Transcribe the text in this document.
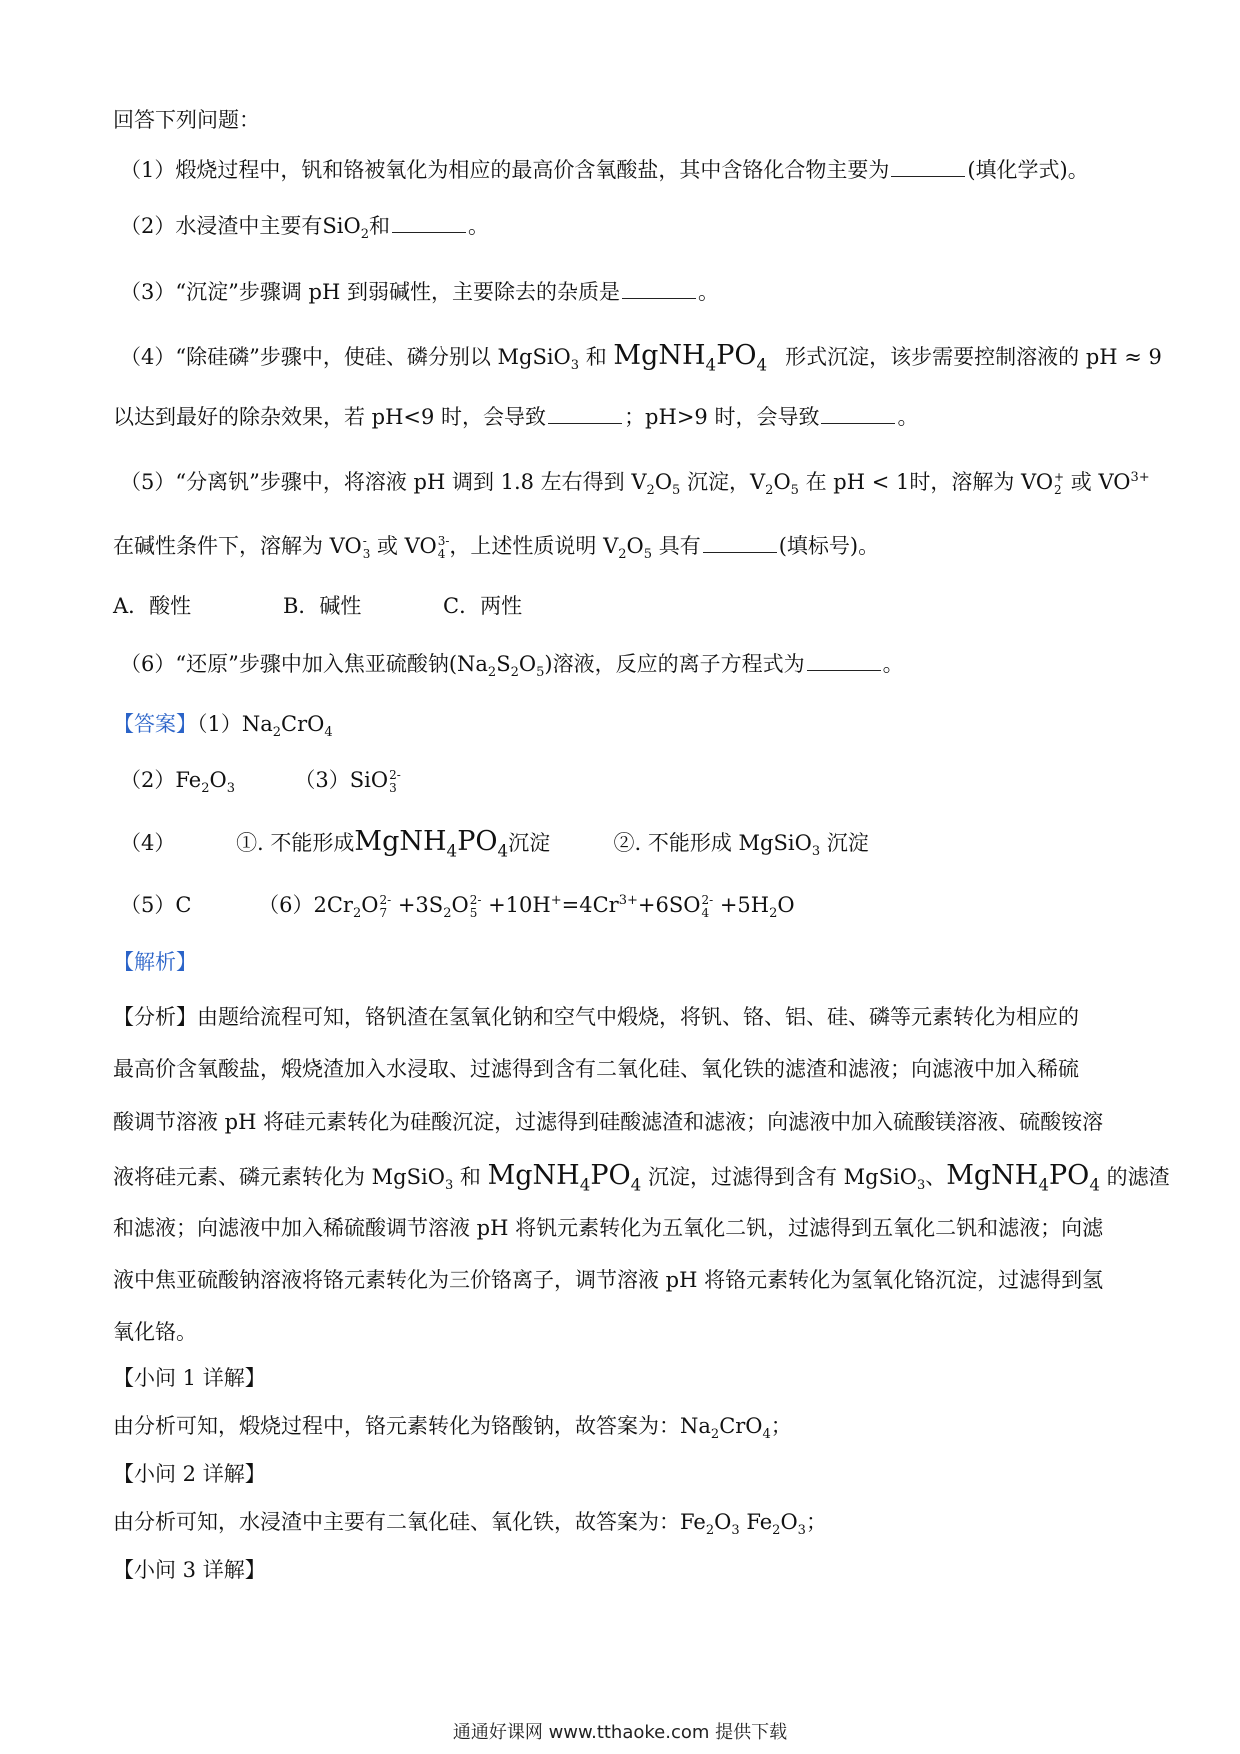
回答下列问题：
（1）煅烧过程中，钒和铬被氧化为相应的最高价含氧酸盐，其中含铬化合物主要为	(填化学式)。
（2）水浸渣中主要有SiO$_2$和	。
（3）“沉淀”步骤调 pH 到弱碱性，主要除去的杂质是	。
（4）“除硅磷”步骤中，使硅、磷分别以 MgSiO$_3$ 和 $MgNH_4PO_4$ 形式沉淀，该步需要控制溶液的 pH ≈ 9
以达到最好的除杂效果，若 pH<9 时，会导致	；pH>9 时，会导致	。
（5）“分离钒”步骤中，将溶液 pH 调到 1.8 左右得到 $V_2O_5$ 沉淀，$V_2O_5$ 在 pH < 1时，溶解为 VO +
2 或 $VO^{3+}$
在碱性条件下，溶解为 VO -
3 或 VO 3-
4 ，上述性质说明 $V_2O_5$ 具有	(填标号)。
A．酸性	B．碱性	C．两性
（6）“还原”步骤中加入焦亚硫酸钠$(Na_2S_2O_5)$溶液，反应的离子方程式为	。
【答案】$(1)Na_2CrO_4$
$(2)Fe_2O_3$	（3）SiO 2-
3
（4）	①. 不能形成$MgNH_4PO_4$沉淀	②. 不能形成 MgSiO$_3$ 沉淀
（5）C	$(6)2Cr_2O$ 2-
$7 +3S_2O$ 2-
$5 +10H^+=4Cr^{3+}+6SO$ 2-
$4 +5H_2O$
【解析】
【分析】由题给流程可知，铬钒渣在氢氧化钠和空气中煅烧，将钒、铬、铝、硅、磷等元素转化为相应的
最高价含氧酸盐，煅烧渣加入水浸取、过滤得到含有二氧化硅、氧化铁的滤渣和滤液；向滤液中加入稀硫
酸调节溶液 pH 将硅元素转化为硅酸沉淀，过滤得到硅酸滤渣和滤液；向滤液中加入硫酸镁溶液、硫酸铵溶
液将硅元素、磷元素转化为 MgSiO$_3$ 和 $MgNH_4PO_4$ 沉淀，过滤得到含有 MgSiO$_3$、$MgNH_4PO_4$ 的滤渣
和滤液；向滤液中加入稀硫酸调节溶液 pH 将钒元素转化为五氧化二钒，过滤得到五氧化二钒和滤液；向滤
液中焦亚硫酸钠溶液将铬元素转化为三价铬离子，调节溶液 pH 将铬元素转化为氢氧化铬沉淀，过滤得到氢
氧化铬。
【小问 1 详解】
由分析可知，煅烧过程中，铬元素转化为铬酸钠，故答案为：$Na_2CrO_4$；
【小问 2 详解】
由分析可知，水浸渣中主要有二氧化硅、氧化铁，故答案为：$Fe_2O_3$ $Fe_2O_3$；
【小问 3 详解】
通通好课网 www.tthaoke.com 提供下载
